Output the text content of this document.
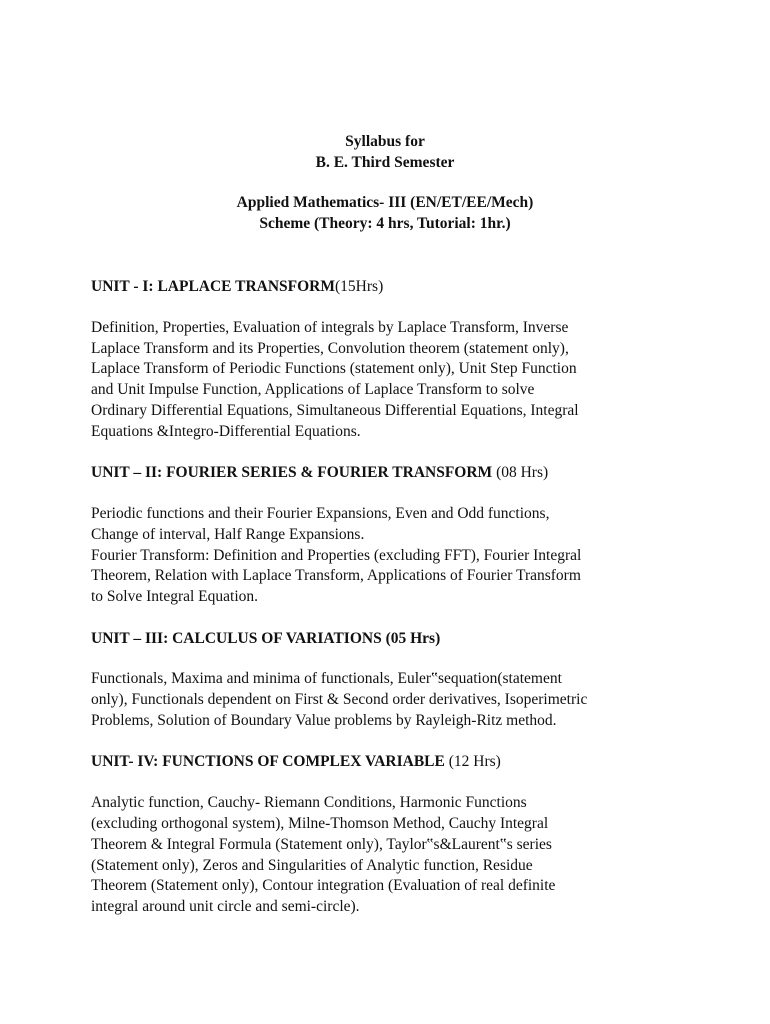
Syllabus for
B. E. Third Semester
Applied Mathematics- III (EN/ET/EE/Mech)
Scheme (Theory: 4 hrs, Tutorial: 1hr.)
UNIT - I: LAPLACE TRANSFORM(15Hrs)
Definition, Properties, Evaluation of integrals by Laplace Transform, Inverse
Laplace Transform and its Properties, Convolution theorem (statement only),
Laplace Transform of Periodic Functions (statement only), Unit Step Function
and Unit Impulse Function, Applications of Laplace Transform to solve
Ordinary Differential Equations, Simultaneous Differential Equations, Integral
Equations &Integro-Differential Equations.
UNIT – II: FOURIER SERIES & FOURIER TRANSFORM (08 Hrs)
Periodic functions and their Fourier Expansions, Even and Odd functions,
Change of interval, Half Range Expansions.
Fourier Transform: Definition and Properties (excluding FFT), Fourier Integral
Theorem, Relation with Laplace Transform, Applications of Fourier Transform
to Solve Integral Equation.
UNIT – III: CALCULUS OF VARIATIONS (05 Hrs)
Functionals, Maxima and minima of functionals, Euler‟sequation(statement
only), Functionals dependent on First & Second order derivatives, Isoperimetric
Problems, Solution of Boundary Value problems by Rayleigh-Ritz method.
UNIT- IV: FUNCTIONS OF COMPLEX VARIABLE (12 Hrs)
Analytic function, Cauchy- Riemann Conditions, Harmonic Functions
(excluding orthogonal system), Milne-Thomson Method, Cauchy Integral
Theorem & Integral Formula (Statement only), Taylor‟s&Laurent‟s series
(Statement only), Zeros and Singularities of Analytic function, Residue
Theorem (Statement only), Contour integration (Evaluation of real definite
integral around unit circle and semi-circle).
